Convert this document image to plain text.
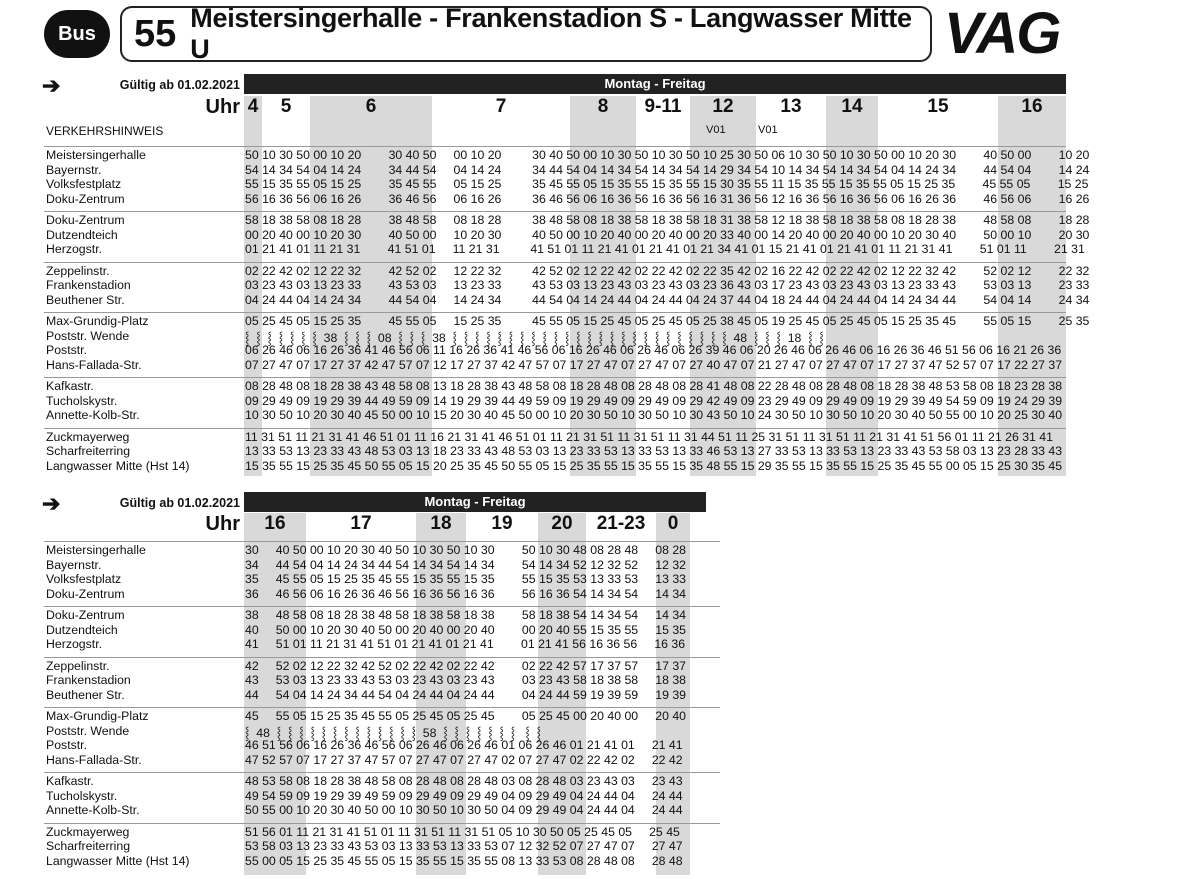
Bus	55 Meistersingerhalle - Frankenstadion S - Langwasser Mitte U	VAG
➔	Gültig ab 01.02.2021	Montag - Freitag
Uhr
➔	Gültig ab 01.02.2021	Montag - Freitag
Uhr
4	5	6	7	8	9-11	12	13	14	15	16
Meistersingerhalle	50 10 30 50 00 10 20        30 40 50     00 10 20         30 40 50 00 10 30 50 10 30 50 10 25 30 50 06 10 30 50 10 30 50 00 10 20 30        40 50 00        10 20
Bayernstr.	54 14 34 54 04 14 24        34 44 54     04 14 24         34 44 54 04 14 34 54 14 34 54 14 29 34 54 10 14 34 54 14 34 54 04 14 24 34        44 54 04        14 24
Volksfestplatz	55 15 35 55 05 15 25        35 45 55     05 15 25         35 45 55 05 15 35 55 15 35 55 15 30 35 55 11 15 35 55 15 35 55 05 15 25 35        45 55 05        15 25
Doku-Zentrum	56 16 36 56 06 16 26        36 46 56     06 16 26         36 46 56 06 16 36 56 16 36 56 16 31 36 56 12 16 36 56 16 36 56 06 16 26 36        46 56 06        16 26
Doku-Zentrum	58 18 38 58 08 18 28        38 48 58     08 18 28         38 48 58 08 18 38 58 18 38 58 18 31 38 58 12 18 38 58 18 38 58 08 18 28 38        48 58 08        18 28
Dutzendteich	00 20 40 00 10 20 30        40 50 00     10 20 30         40 50 00 10 20 40 00 20 40 00 20 33 40 00 14 20 40 00 20 40 00 10 20 30 40        50 00 10        20 30
Herzogstr.	01 21 41 01 11 21 31        41 51 01     11 21 31         41 51 01 11 21 41 01 21 41 01 21 34 41 01 15 21 41 01 21 41 01 11 21 31 41        51 01 11        21 31
Zeppelinstr.	02 22 42 02 12 22 32        42 52 02     12 22 32         42 52 02 12 22 42 02 22 42 02 22 35 42 02 16 22 42 02 22 42 02 12 22 32 42        52 02 12        22 32
Frankenstadion	03 23 43 03 13 23 33        43 53 03     13 23 33         43 53 03 13 23 43 03 23 43 03 23 36 43 03 17 23 43 03 23 43 03 13 23 33 43        53 03 13        23 33
Beuthener Str.	04 24 44 04 14 24 34        44 54 04     14 24 34         44 54 04 14 24 44 04 24 44 04 24 37 44 04 18 24 44 04 24 44 04 14 24 34 44        54 04 14        24 34
Max-Grundig-Platz	05 25 45 05 15 25 35        45 55 05     15 25 35         45 55 05 15 25 45 05 25 45 05 25 38 45 05 19 25 45 05 25 45 05 15 25 35 45        55 05 15        25 35
Poststr. Wende	⸾  ⸾  ⸾  ⸾  ⸾  ⸾  ⸾  38  ⸾  ⸾  ⸾  08  ⸾  ⸾  ⸾  38  ⸾  ⸾  ⸾  ⸾  ⸾  ⸾  ⸾  ⸾  ⸾  ⸾  ⸾  ⸾  ⸾  ⸾  ⸾  ⸾  ⸾  ⸾  ⸾  ⸾  ⸾  ⸾  ⸾  ⸾  ⸾  48  ⸾  ⸾  ⸾  18  ⸾  ⸾
Poststr.	06 26 46 06 16 26 36 41 46 56 06 11 16 26 36 41 46 56 06 16 26 46 06 26 46 06 26 39 46 06 20 26 46 06 26 46 06 16 26 36 46 51 56 06 16 21 26 36
Hans-Fallada-Str.	07 27 47 07 17 27 37 42 47 57 07 12 17 27 37 42 47 57 07 17 27 47 07 27 47 07 27 40 47 07 21 27 47 07 27 47 07 17 27 37 47 52 57 07 17 22 27 37
Kafkastr.	08 28 48 08 18 28 38 43 48 58 08 13 18 28 38 43 48 58 08 18 28 48 08 28 48 08 28 41 48 08 22 28 48 08 28 48 08 18 28 38 48 53 58 08 18 23 28 38
Tucholskystr.	09 29 49 09 19 29 39 44 49 59 09 14 19 29 39 44 49 59 09 19 29 49 09 29 49 09 29 42 49 09 23 29 49 09 29 49 09 19 29 39 49 54 59 09 19 24 29 39
Annette-Kolb-Str.	10 30 50 10 20 30 40 45 50 00 10 15 20 30 40 45 50 00 10 20 30 50 10 30 50 10 30 43 50 10 24 30 50 10 30 50 10 20 30 40 50 55 00 10 20 25 30 40
Zuckmayerweg	11 31 51 11 21 31 41 46 51 01 11 16 21 31 41 46 51 01 11 21 31 51 11 31 51 11 31 44 51 11 25 31 51 11 31 51 11 21 31 41 51 56 01 11 21 26 31 41
Scharfreiterring	13 33 53 13 23 33 43 48 53 03 13 18 23 33 43 48 53 03 13 23 33 53 13 33 53 13 33 46 53 13 27 33 53 13 33 53 13 23 33 43 53 58 03 13 23 28 33 43
Langwasser Mitte (Hst 14)	15 35 55 15 25 35 45 50 55 05 15 20 25 35 45 50 55 05 15 25 35 55 15 35 55 15 35 48 55 15 29 35 55 15 35 55 15 25 35 45 55 00 05 15 25 30 35 45
VERKEHRSHINWEIS	V01	V01
16	17	18	19	20	21-23	0
Meistersingerhalle	30     40 50 00 10 20 30 40 50 10 30 50 10 30        50 10 30 48 08 28 48     08 28
Bayernstr.	34     44 54 04 14 24 34 44 54 14 34 54 14 34        54 14 34 52 12 32 52     12 32
Volksfestplatz	35     45 55 05 15 25 35 45 55 15 35 55 15 35        55 15 35 53 13 33 53     13 33
Doku-Zentrum	36     46 56 06 16 26 36 46 56 16 36 56 16 36        56 16 36 54 14 34 54     14 34
Doku-Zentrum	38     48 58 08 18 28 38 48 58 18 38 58 18 38        58 18 38 54 14 34 54     14 34
Dutzendteich	40     50 00 10 20 30 40 50 00 20 40 00 20 40        00 20 40 55 15 35 55     15 35
Herzogstr.	41     51 01 11 21 31 41 51 01 21 41 01 21 41        01 21 41 56 16 36 56     16 36
Zeppelinstr.	42     52 02 12 22 32 42 52 02 22 42 02 22 42        02 22 42 57 17 37 57     17 37
Frankenstadion	43     53 03 13 23 33 43 53 03 23 43 03 23 43        03 23 43 58 18 38 58     18 38
Beuthener Str.	44     54 04 14 24 34 44 54 04 24 44 04 24 44        04 24 44 59 19 39 59     19 39
Max-Grundig-Platz	45     55 05 15 25 35 45 55 05 25 45 05 25 45        05 25 45 00 20 40 00     20 40
Poststr. Wende	⸾  48  ⸾  ⸾  ⸾  ⸾  ⸾  ⸾  ⸾  ⸾  ⸾  ⸾  ⸾  ⸾  ⸾  58  ⸾  ⸾  ⸾  ⸾  ⸾  ⸾  ⸾   ⸾  ⸾
Poststr.	46 51 56 06 16 26 36 46 56 06 26 46 06 26 46 01 06 26 46 01 21 41 01     21 41
Hans-Fallada-Str.	47 52 57 07 17 27 37 47 57 07 27 47 07 27 47 02 07 27 47 02 22 42 02     22 42
Kafkastr.	48 53 58 08 18 28 38 48 58 08 28 48 08 28 48 03 08 28 48 03 23 43 03     23 43
Tucholskystr.	49 54 59 09 19 29 39 49 59 09 29 49 09 29 49 04 09 29 49 04 24 44 04     24 44
Annette-Kolb-Str.	50 55 00 10 20 30 40 50 00 10 30 50 10 30 50 04 09 29 49 04 24 44 04     24 44
Zuckmayerweg	51 56 01 11 21 31 41 51 01 11 31 51 11 31 51 05 10 30 50 05 25 45 05     25 45
Scharfreiterring	53 58 03 13 23 33 43 53 03 13 33 53 13 33 53 07 12 32 52 07 27 47 07     27 47
Langwasser Mitte (Hst 14)	55 00 05 15 25 35 45 55 05 15 35 55 15 35 55 08 13 33 53 08 28 48 08     28 48
